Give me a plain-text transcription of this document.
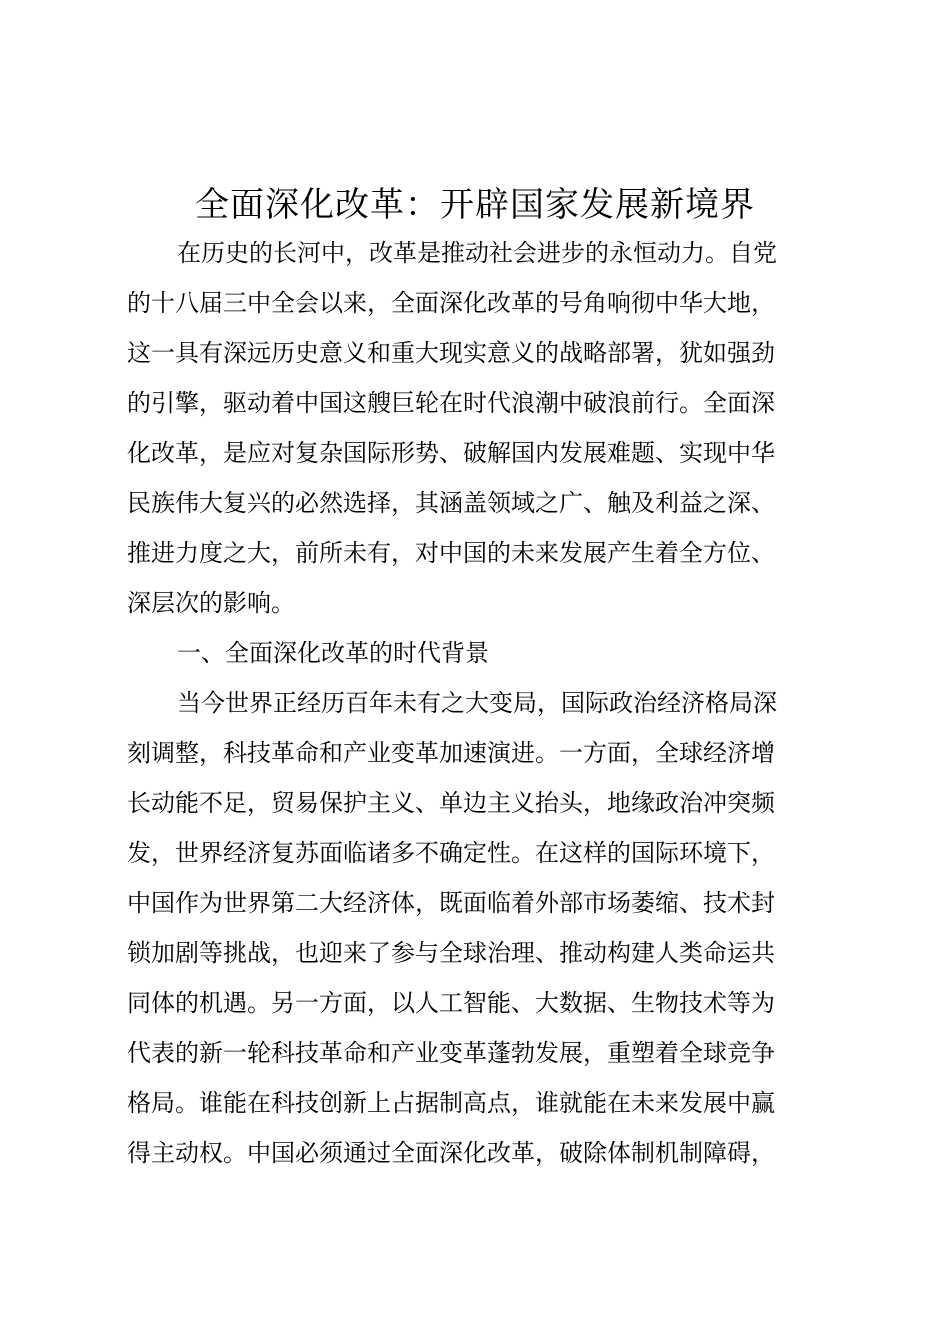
全面深化改革：开辟国家发展新境界
在历史的长河中，改革是推动社会进步的永恒动力。自党
的十八届三中全会以来，全面深化改革的号角响彻中华大地，
这一具有深远历史意义和重大现实意义的战略部署，犹如强劲
的引擎，驱动着中国这艘巨轮在时代浪潮中破浪前行。全面深
化改革，是应对复杂国际形势、破解国内发展难题、实现中华
民族伟大复兴的必然选择，其涵盖领域之广、触及利益之深、
推进力度之大，前所未有，对中国的未来发展产生着全方位、
深层次的影响。
一、全面深化改革的时代背景
当今世界正经历百年未有之大变局，国际政治经济格局深
刻调整，科技革命和产业变革加速演进。一方面，全球经济增
长动能不足，贸易保护主义、单边主义抬头，地缘政治冲突频
发，世界经济复苏面临诸多不确定性。在这样的国际环境下，
中国作为世界第二大经济体，既面临着外部市场萎缩、技术封
锁加剧等挑战，也迎来了参与全球治理、推动构建人类命运共
同体的机遇。另一方面，以人工智能、大数据、生物技术等为
代表的新一轮科技革命和产业变革蓬勃发展，重塑着全球竞争
格局。谁能在科技创新上占据制高点，谁就能在未来发展中赢
得主动权。中国必须通过全面深化改革，破除体制机制障碍，
